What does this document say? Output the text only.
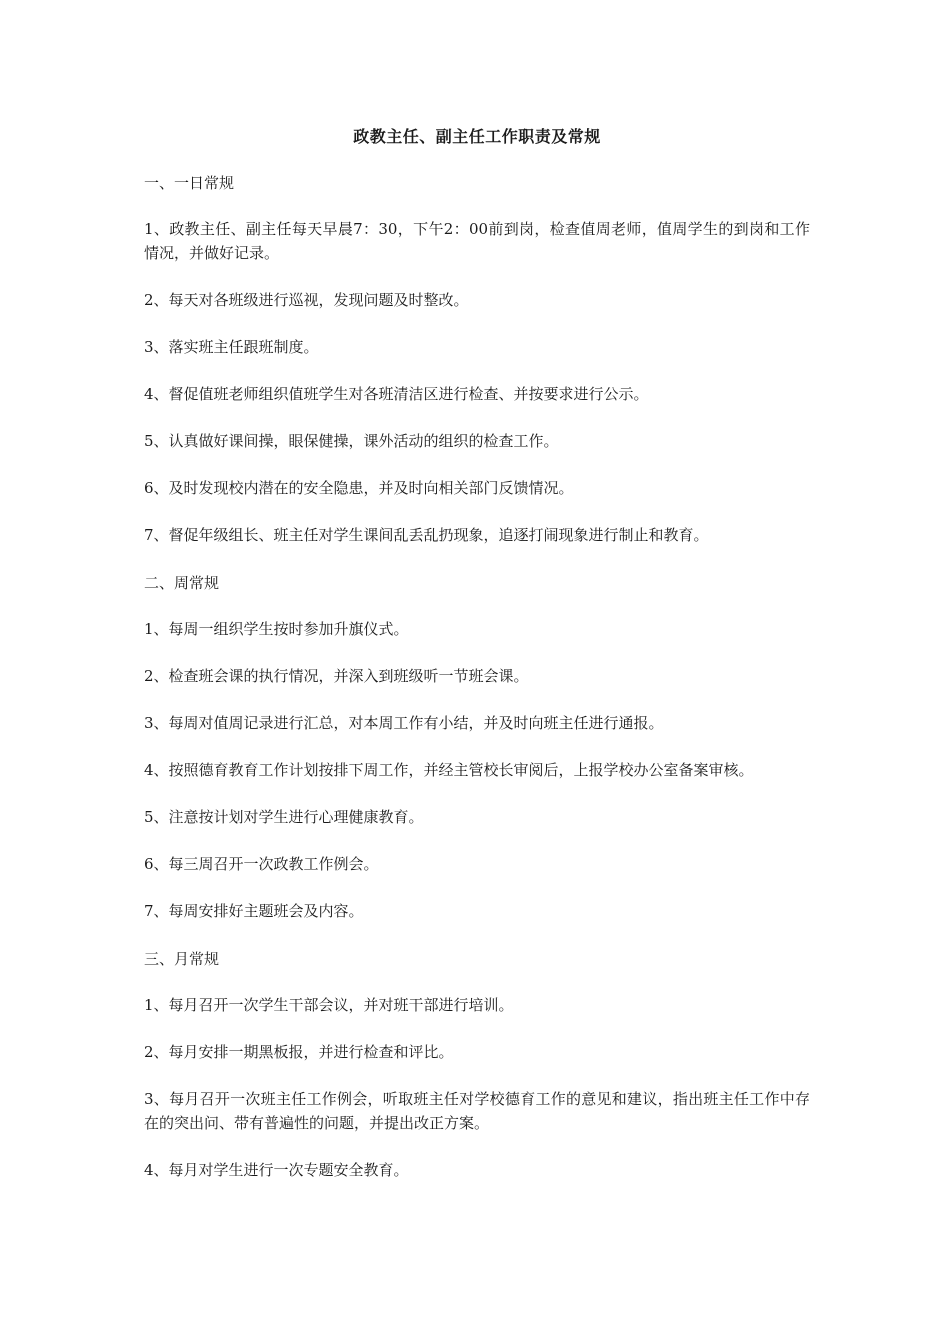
政教主任、副主任工作职责及常规
一、一日常规
1、政教主任、副主任每天早晨7：30，下午2：00前到岗，检查值周老师，值周学生的到岗和工作情况，并做好记录。
2、每天对各班级进行巡视，发现问题及时整改。
3、落实班主任跟班制度。
4、督促值班老师组织值班学生对各班清洁区进行检查、并按要求进行公示。
5、认真做好课间操，眼保健操，课外活动的组织的检查工作。
6、及时发现校内潜在的安全隐患，并及时向相关部门反馈情况。
7、督促年级组长、班主任对学生课间乱丢乱扔现象，追逐打闹现象进行制止和教育。
二、周常规
1、每周一组织学生按时参加升旗仪式。
2、检查班会课的执行情况，并深入到班级听一节班会课。
3、每周对值周记录进行汇总，对本周工作有小结，并及时向班主任进行通报。
4、按照德育教育工作计划按排下周工作，并经主管校长审阅后，上报学校办公室备案审核。
5、注意按计划对学生进行心理健康教育。
6、每三周召开一次政教工作例会。
7、每周安排好主题班会及内容。
三、月常规
1、每月召开一次学生干部会议，并对班干部进行培训。
2、每月安排一期黑板报，并进行检查和评比。
3、每月召开一次班主任工作例会，听取班主任对学校德育工作的意见和建议，指出班主任工作中存在的突出问、带有普遍性的问题，并提出改正方案。
4、每月对学生进行一次专题安全教育。
